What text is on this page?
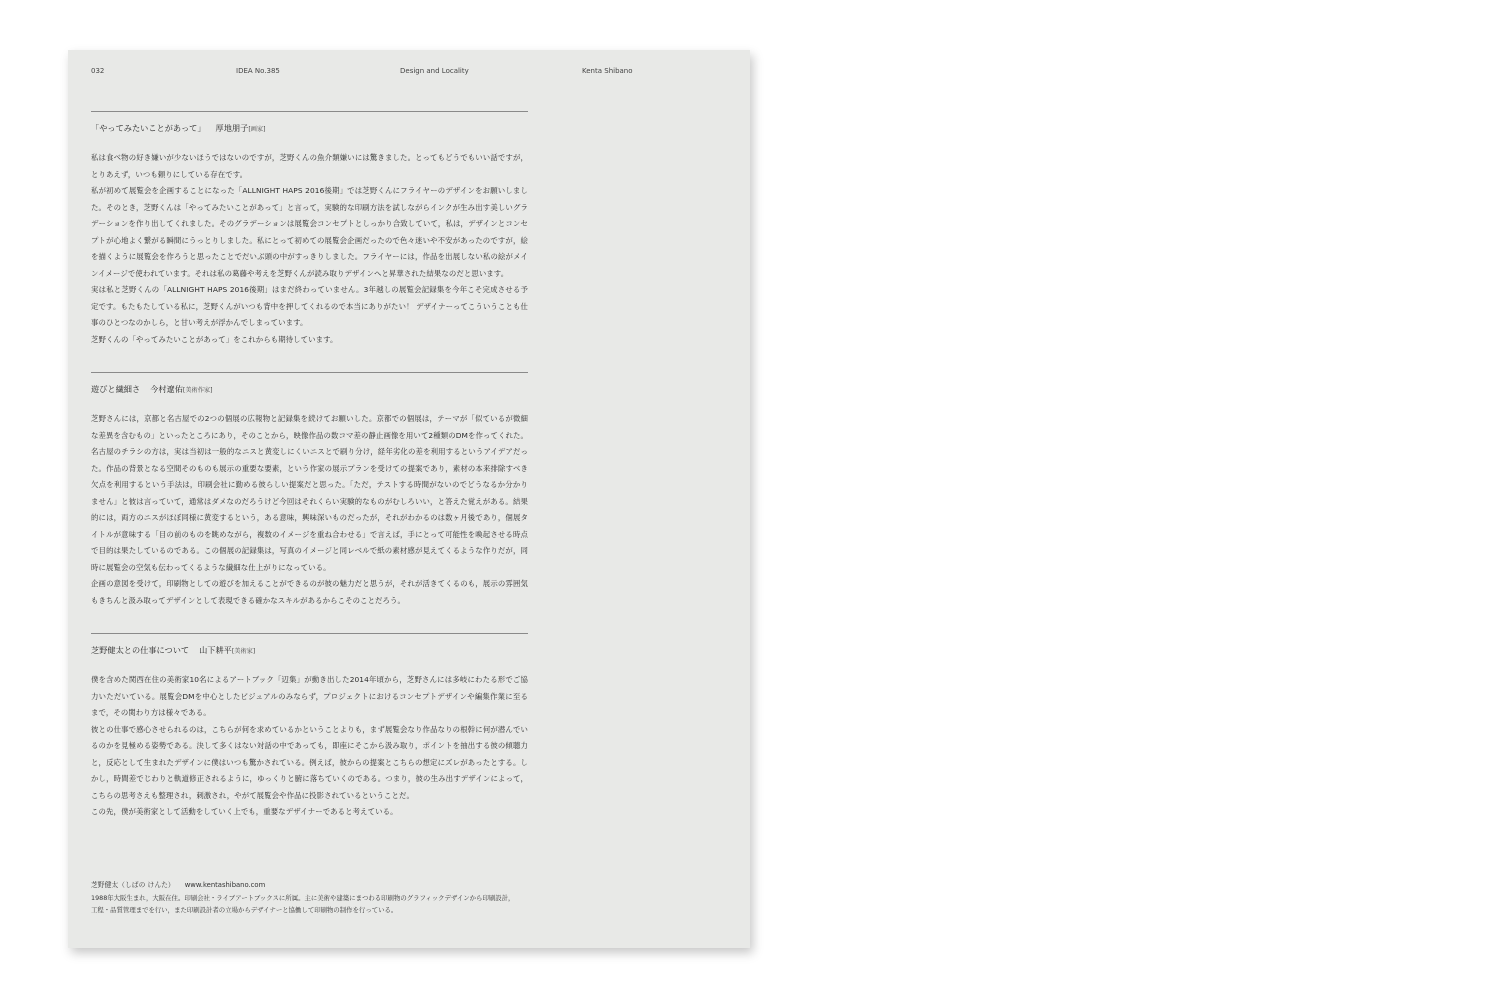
032	IDEA No.385	Design and Locality	Kenta Shibano
「やってみたいことがあって」 厚地朋子[画家]

私は食べ物の好き嫌いが少ないほうではないのですが，芝野くんの魚介類嫌いには驚きました。とってもどうでもいい話ですが，とりあえず，いつも頼りにしている存在です。

私が初めて展覧会を企画することになった「ALLNIGHT HAPS 2016後期」では芝野くんにフライヤーのデザインをお願いしました。そのとき，芝野くんは「やってみたいことがあって」と言って，実験的な印刷方法を試しながらインクが生み出す美しいグラデーションを作り出してくれました。そのグラデーションは展覧会コンセプトとしっかり合致していて，私は，デザインとコンセプトが心地よく繋がる瞬間にうっとりしました。私にとって初めての展覧会企画だったので色々迷いや不安があったのですが，絵を描くように展覧会を作ろうと思ったことでだいぶ頭の中がすっきりしました。フライヤーには，作品を出展しない私の絵がメインイメージで使われています。それは私の葛藤や考えを芝野くんが読み取りデザインへと昇華された結果なのだと思います。

実は私と芝野くんの「ALLNIGHT HAPS 2016後期」はまだ終わっていません。3年越しの展覧会記録集を今年こそ完成させる予定です。もたもたしている私に，芝野くんがいつも背中を押してくれるので本当にありがたい！ デザイナーってこういうことも仕事のひとつなのかしら，と甘い考えが浮かんでしまっています。

芝野くんの「やってみたいことがあって」をこれからも期待しています。

遊びと繊細さ 今村遼佑[美術作家]

芝野さんには，京都と名古屋での2つの個展の広報物と記録集を続けてお願いした。京都での個展は，テーマが「似ているが微細な差異を含むもの」といったところにあり，そのことから，映像作品の数コマ差の静止画像を用いて2種類のDMを作ってくれた。名古屋のチラシの方は，実は当初は一般的なニスと黄変しにくいニスとで刷り分け，経年劣化の差を利用するというアイデアだった。作品の背景となる空間そのものも展示の重要な要素，という作家の展示プランを受けての提案であり，素材の本来排除すべき欠点を利用するという手法は，印刷会社に勤める彼らしい提案だと思った。「ただ，テストする時間がないのでどうなるか分かりません」と彼は言っていて，通常はダメなのだろうけど今回はそれくらい実験的なものがむしろいい，と答えた覚えがある。結果的には，両方のニスがほぼ同様に黄変するという，ある意味，興味深いものだったが，それがわかるのは数ヶ月後であり，個展タイトルが意味する「目の前のものを眺めながら，複数のイメージを重ね合わせる」で言えば，手にとって可能性を喚起させる時点で目的は果たしているのである。この個展の記録集は，写真のイメージと同レベルで紙の素材感が見えてくるような作りだが，同時に展覧会の空気も伝わってくるような繊細な仕上がりになっている。

企画の意図を受けて，印刷物としての遊びを加えることができるのが彼の魅力だと思うが，それが活きてくるのも，展示の雰囲気もきちんと汲み取ってデザインとして表現できる確かなスキルがあるからこそのことだろう。

芝野健太との仕事について 山下耕平[美術家]

僕を含めた関西在住の美術家10名によるアートブック「辺集」が動き出した2014年頃から，芝野さんには多岐にわたる形でご協力いただいている。展覧会DMを中心としたビジュアルのみならず，プロジェクトにおけるコンセプトデザインや編集作業に至るまで，その関わり方は様々である。

彼との仕事で感心させられるのは，こちらが何を求めているかということよりも，まず展覧会なり作品なりの根幹に何が潜んでいるのかを見極める姿勢である。決して多くはない対話の中であっても，即座にそこから汲み取り，ポイントを抽出する彼の傾聴力と，反応として生まれたデザインに僕はいつも驚かされている。例えば，彼からの提案とこちらの想定にズレがあったとする。しかし，時間差でじわりと軌道修正されるように，ゆっくりと腑に落ちていくのである。つまり，彼の生み出すデザインによって，こちらの思考さえも整理され，刺激され，やがて展覧会や作品に投影されているということだ。

この先，僕が美術家として活動をしていく上でも，重要なデザイナーであると考えている。

芝野健太（しばの けんた） www.kentashibano.com

1988年大阪生まれ，大阪在住。印刷会社・ライブアートブックスに所属。主に美術や建築にまつわる印刷物のグラフィックデザインから印刷設計，

工程・品質管理までを行い，また印刷設計者の立場からデザイナーと協働して印刷物の制作を行っている。
